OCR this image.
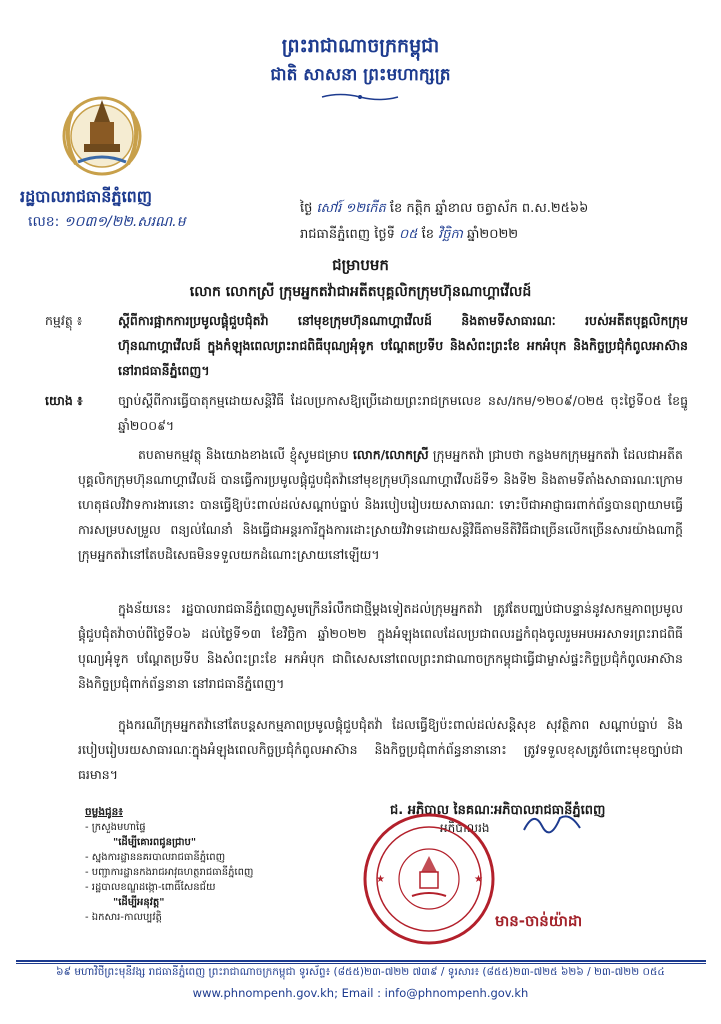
ព្រះរាជាណាចក្រកម្ពុជា
ជាតិ សាសនា ព្រះមហាក្សត្រ
រដ្ឋបាលរាជធានីភ្នំពេញ
លេខ: ១០៣១/២២.សរណ.ម
ថ្ងៃ សៅរ៍ ១២កើត ខែ កត្តិក ឆ្នាំខាល ចត្វាស័ក ព.ស.២៥៦៦
រាជធានីភ្នំពេញ ថ្ងៃទី ០៥ ខែ វិច្ឆិកា ឆ្នាំ២០២២
ជម្រាបមក
លោក លោកស្រី ក្រុមអ្នកតវ៉ាជាអតីតបុគ្គលិកក្រុមហ៊ុនណាហ្គាវើលដ៍
កម្មវត្ថុ ៖	ស្តីពីការផ្អាកការប្រមូលផ្តុំជួបជុំតវ៉ា នៅមុខក្រុមហ៊ុនណាហ្គាវើលដ៍ និងតាមទីសាធារណៈ របស់អតីតបុគ្គលិកក្រុមហ៊ុនណាហ្គាវើលដ៍ ក្នុងកំឡុងពេលព្រះរាជពិធីបុណ្យអុំទូក បណ្តែតប្រទីប និងសំពះព្រះខែ អកអំបុក និងកិច្ចប្រជុំកំពូលអាស៊ាន នៅរាជធានីភ្នំពេញ។
យោង ៖	ច្បាប់ស្តីពីការធ្វើបាតុកម្មដោយសន្តិវិធី ដែលប្រកាសឱ្យប្រើដោយព្រះរាជក្រមលេខ នស/រកម/១២០៩/០២៥ ចុះថ្ងៃទី០៥ ខែធ្នូ ឆ្នាំ២០០៩។
តបតាមកម្មវត្ថុ និងយោងខាងលើ ខ្ញុំសូមជម្រាប លោក/លោកស្រី ក្រុមអ្នកតវ៉ា ជ្រាបថា កន្លងមកក្រុមអ្នកតវ៉ា ដែលជាអតីតបុគ្គលិកក្រុមហ៊ុនណាហ្គាវើលដ៍ បានធ្វើការប្រមូលផ្តុំជួបជុំតវ៉ានៅមុខក្រុមហ៊ុនណាហ្គាវើលដ៍ទី១ និងទី២ និងតាមទីតាំងសាធារណៈក្រោមហេតុផលវិវាទការងារនោះ បានធ្វើឱ្យប៉ះពាល់ដល់សណ្តាប់ធ្នាប់ និងរបៀបរៀបរយសាធារណៈ ទោះបីជាអាជ្ញាធរពាក់ព័ន្ធបានព្យាយាមធ្វើការសម្របសម្រួល ពន្យល់ណែនាំ និងធ្វើជាអន្តរការីក្នុងការដោះស្រាយវិវាទដោយសន្តិវិធីតាមនីតិវិធីជាច្រើនលើកច្រើនសារយ៉ាងណាក្តី ក្រុមអ្នកតវ៉ានៅតែបដិសេធមិនទទួលយកដំណោះស្រាយនៅឡើយ។
ក្នុងន័យនេះ រដ្ឋបាលរាជធានីភ្នំពេញសូមក្រើនរំលឹកជាថ្មីម្តងទៀតដល់ក្រុមអ្នកតវ៉ា ត្រូវតែបញ្ឈប់ជាបន្ទាន់នូវសកម្មភាពប្រមូលផ្តុំជួបជុំតវ៉ាចាប់ពីថ្ងៃទី០៦ ដល់ថ្ងៃទី១៣ ខែវិច្ឆិកា ឆ្នាំ២០២២ ក្នុងអំឡុងពេលដែលប្រជាពលរដ្ឋកំពុងចូលរួមអបអរសាទរព្រះរាជពិធីបុណ្យអុំទូក បណ្តែតប្រទីប និងសំពះព្រះខែ អកអំបុក ជាពិសេសនៅពេលព្រះរាជាណាចក្រកម្ពុជាធ្វើជាម្ចាស់ផ្ទះកិច្ចប្រជុំកំពូលអាស៊ាន និងកិច្ចប្រជុំពាក់ព័ន្ធនានា នៅរាជធានីភ្នំពេញ។
ក្នុងករណីក្រុមអ្នកតវ៉ានៅតែបន្តសកម្មភាពប្រមូលផ្តុំជួបជុំតវ៉ា ដែលធ្វើឱ្យប៉ះពាល់ដល់សន្តិសុខ សុវត្ថិភាព សណ្តាប់ធ្នាប់ និងរបៀបរៀបរយសាធារណៈក្នុងអំឡុងពេលកិច្ចប្រជុំកំពូលអាស៊ាន និងកិច្ចប្រជុំពាក់ព័ន្ធនានានោះ ត្រូវទទួលខុសត្រូវចំពោះមុខច្បាប់ជាធរមាន។
ជ. អភិបាល នៃគណៈអភិបាលរាជធានីភ្នំពេញ
អភិបាលរង
★	★
មាន-ចាន់យ៉ាដា
ចម្លងជូន៖
- ក្រសួងមហាផ្ទៃ
"ដើម្បីគោរពជូនជ្រាប"
- ស្នងការដ្ឋាននគរបាលរាជធានីភ្នំពេញ
- បញ្ជាការដ្ឋានកងរាជអាវុធហត្ថរាជធានីភ្នំពេញ
- រដ្ឋបាលខណ្ឌដង្កោ-ពោធិ៍សែនជ័យ
"ដើម្បីអនុវត្ត"
- ឯកសារ-កាលប្បវត្តិ
៦៩ មហាវិថីព្រះមុនីវង្ស រាជធានីភ្នំពេញ ព្រះរាជាណាចក្រកម្ពុជា ទូរស័ព្ទ៖ (៨៥៥)២៣-៧២២ ៧៣៩ / ទូរសារ៖ (៨៥៥)២៣-៧២៥ ៦២៦ / ២៣-៧២២ ០៥៤
www.phnompenh.gov.kh; Email : info@phnompenh.gov.kh
